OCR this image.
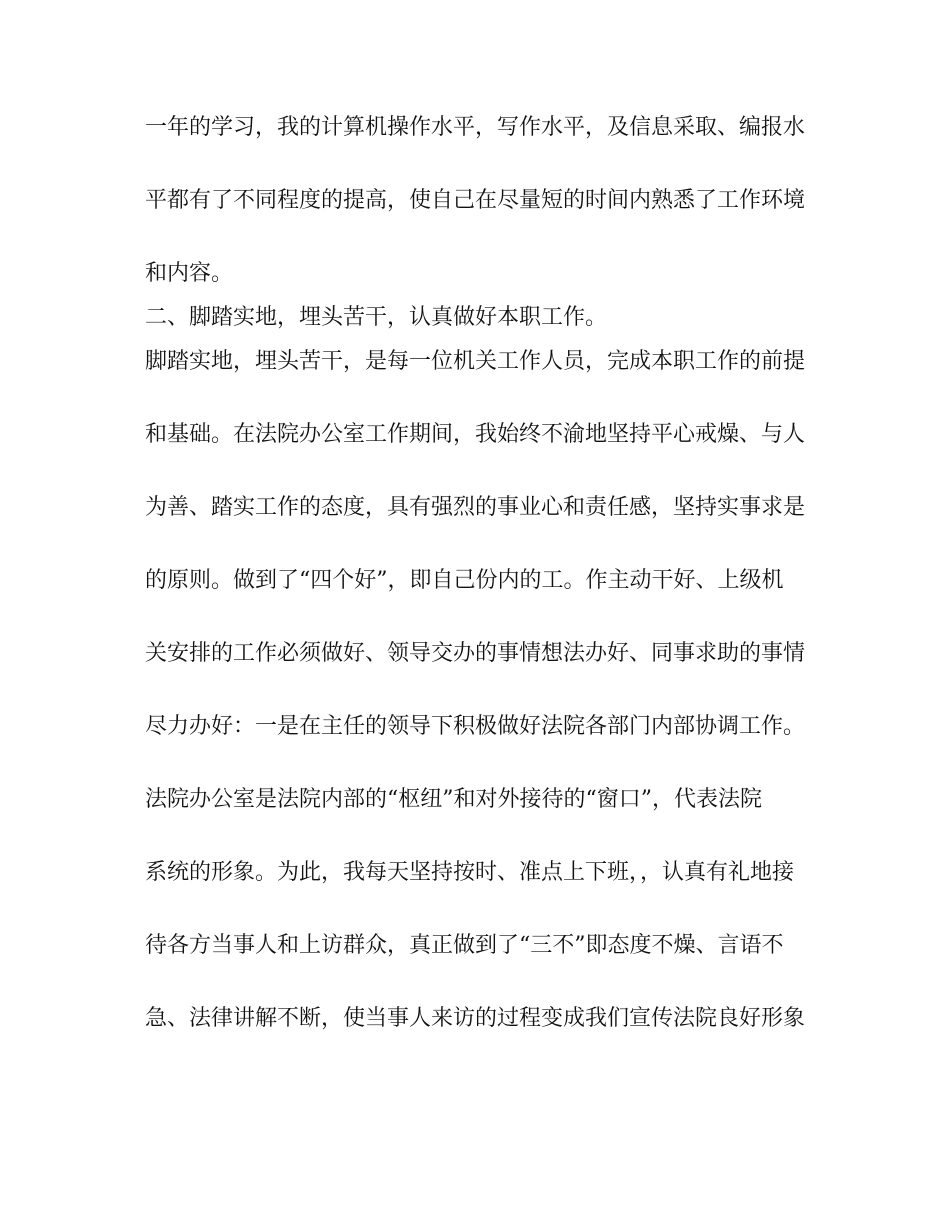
一年的学习，我的计算机操作水平，写作水平，及信息采取、编报水
平都有了不同程度的提高，使自己在尽量短的时间内熟悉了工作环境
和内容。
二、脚踏实地，埋头苦干，认真做好本职工作。
脚踏实地，埋头苦干，是每一位机关工作人员，完成本职工作的前提
和基础。在法院办公室工作期间，我始终不渝地坚持平心戒燥、与人
为善、踏实工作的态度，具有强烈的事业心和责任感，坚持实事求是
的原则。做到了“四个好”，即自己份内的工。作主动干好、上级机
关安排的工作必须做好、领导交办的事情想法办好、同事求助的事情
尽力办好：一是在主任的领导下积极做好法院各部门内部协调工作。
法院办公室是法院内部的“枢纽”和对外接待的“窗口”，代表法院
系统的形象。为此，我每天坚持按时、准点上下班，，认真有礼地接
待各方当事人和上访群众，真正做到了“三不”即态度不燥、言语不
急、法律讲解不断，使当事人来访的过程变成我们宣传法院良好形象
